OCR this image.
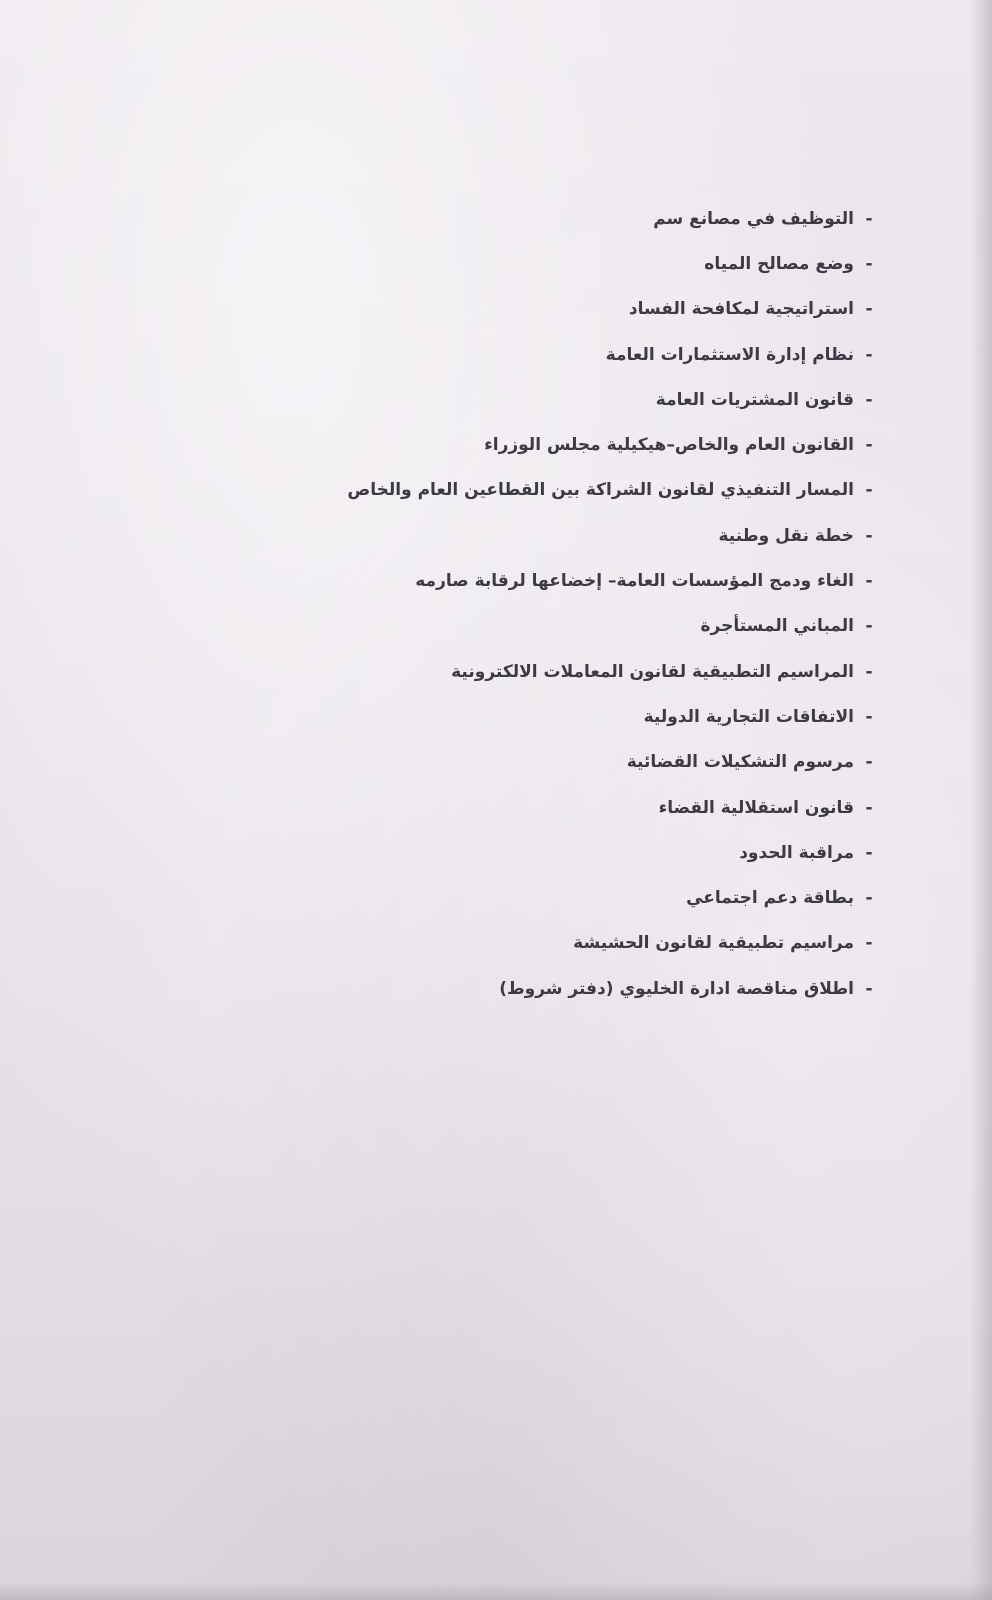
-
التوظيف في مصانع سم
-
وضع مصالح المياه
-
استراتيجية لمكافحة الفساد
-
نظام إدارة الاستثمارات العامة
-
قانون المشتريات العامة
-
القانون العام والخاص–هيكيلية مجلس الوزراء
-
المسار التنفيذي لقانون الشراكة بين القطاعين العام والخاص
-
خطة نقل وطنية
-
الغاء ودمج المؤسسات العامة– إخضاعها لرقابة صارمه
-
المباني المستأجرة
-
المراسيم التطبيقية لقانون المعاملات الالكترونية
-
الاتفاقات التجارية الدولية
-
مرسوم التشكيلات القضائية
-
قانون استقلالية القضاء
-
مراقبة الحدود
-
بطاقة دعم اجتماعي
-
مراسيم تطبيقية لقانون الحشيشة
-
اطلاق مناقصة ادارة الخليوي (دفتر شروط)
